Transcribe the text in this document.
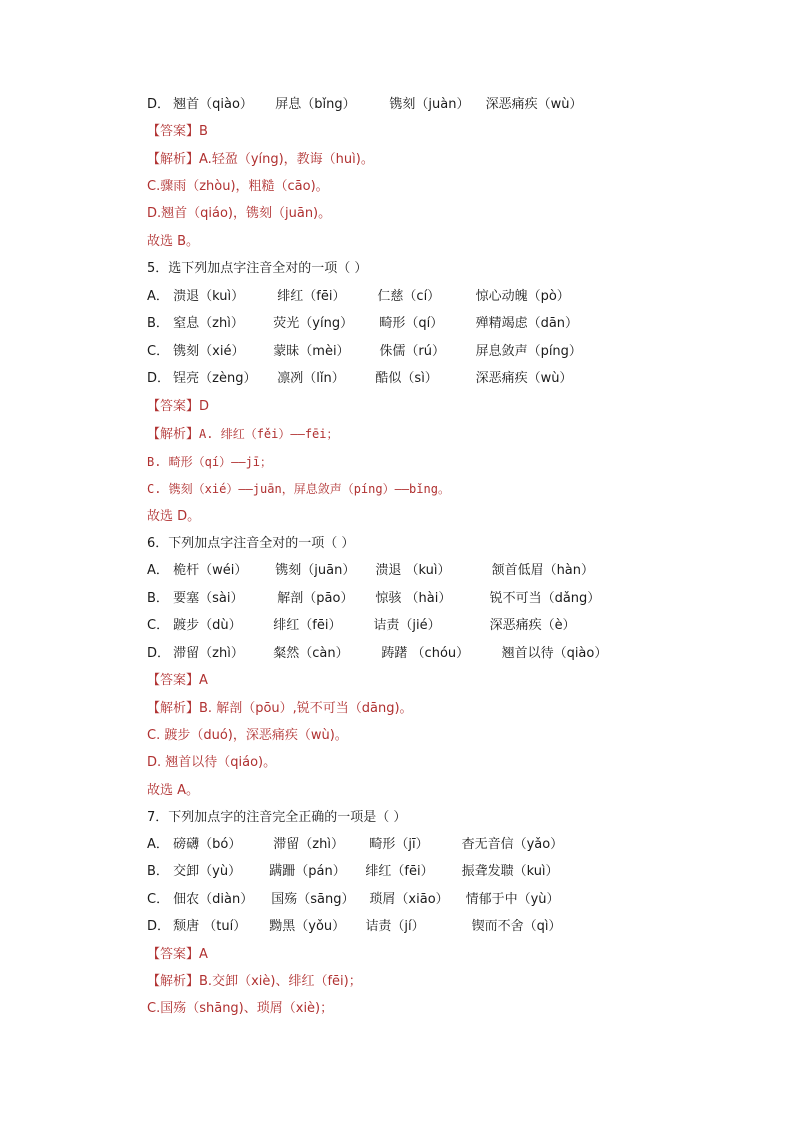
D． 翘首（qiào） 屏息（bǐng）	镌刻（juàn） 深恶痛疾（wù）
【答案】B
【解析】A.轻盈（yíng)，教诲（huì)。
C.骤雨（zhòu)，粗糙（cāo)。
D.翘首（qiáo)，镌刻（juān)。
故选 B。
5．选下列加点字注音全对的一项（ ）
A． 溃退（kuì）	绯红（fēi） 仁慈（cí）	惊心动魄（pò）
B． 窒息（zhì） 荧光（yíng） 畸形（qí） 殚精竭虑（dān）
C． 镌刻（xié） 蒙昧（mèi） 侏儒（rú） 屏息敛声（píng）
D． 锃亮（zèng） 凛冽（lǐn） 酷似（sì）	深恶痛疾（wù）
【答案】D
【解析】A. 绯红（fěi）——fēi；
B. 畸形（qí）——jī；
C. 镌刻（xié）——juān，屏息敛声（píng）——bǐng。
故选 D。
6．下列加点字注音全对的一项（ ）
A． 桅杆（wéi） 镌刻（juān） 溃退 （kuì）	颔首低眉（hàn）
B． 要塞（sài）	解剖（pāo） 惊骇 （hài）	锐不可当（dǎng）
C． 踱步（dù） 绯红（fēi） 诘责（jié）	深恶痛疾（è）
D． 滞留（zhì） 粲然（càn）	踌躇 （chóu） 翘首以待（qiào）
【答案】A
【解析】B. 解剖（pōu）,锐不可当（dāng)。
C. 踱步（duó)，深恶痛疾（wù)。
D. 翘首以待（qiáo)。
故选 A。
7．下列加点字的注音完全正确的一项是（ ）
A． 磅礴（bó） 滞留（zhì） 畸形（jī）	杳无音信（yǎo）
B． 交卸（yù） 蹒跚（pán） 绯红（fēi） 振聋发聩（kuì）
C． 佃农（diàn） 国殇（sāng） 琐屑（xiāo） 情郁于中（yù）
D． 颓唐 （tuí） 黝黑（yǒu） 诘责（jí）	锲而不舍（qì）
【答案】A
【解析】B.交卸（xiè)、绯红（fēi)；
C.国殇（shāng)、琐屑（xiè)；
